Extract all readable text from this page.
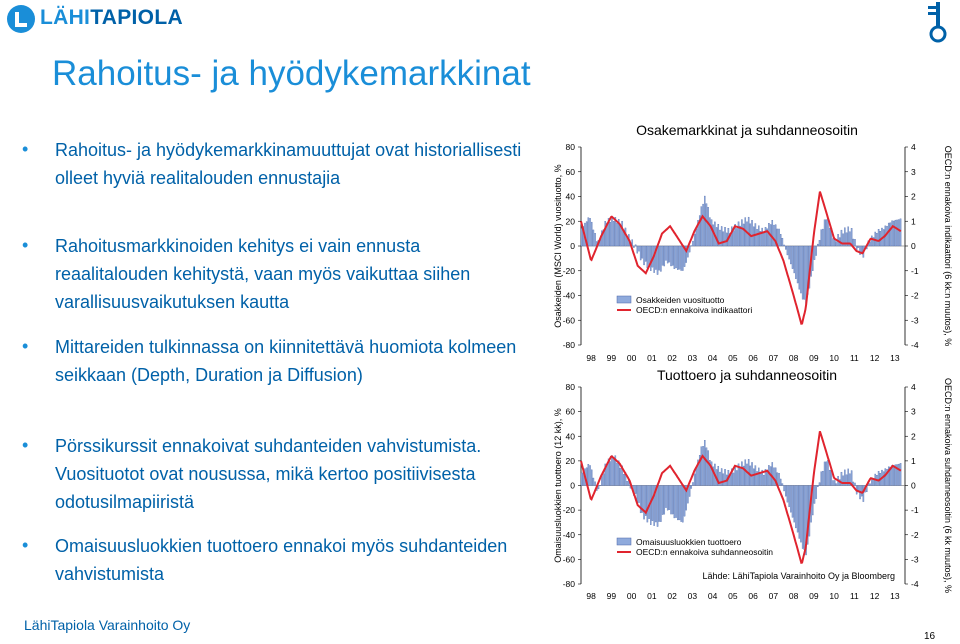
LÄHITAPIOLA
Rahoitus- ja hyödykemarkkinat
• Rahoitus- ja hyödykemarkkinamuuttujat ovat historiallisesti olleet hyviä realitalouden ennustajia
• Rahoitusmarkkinoiden kehitys ei vain ennusta reaalitalouden kehitystä, vaan myös vaikuttaa siihen varallisuusvaikutuksen kautta
• Mittareiden tulkinnassa on kiinnitettävä huomiota kolmeen seikkaan (Depth, Duration ja Diffusion)
• Pörssikurssit ennakoivat suhdanteiden vahvistumista. Vuosituotot ovat nousussa, mikä kertoo positiivisesta odotusilmapiiristä
• Omaisuusluokkien tuottoero ennakoi myös suhdanteiden vahvistumista
Osakemarkkinat ja suhdanneosoitin
80
60
40
20
0
-20
-40
-60
-80
4
3
2
1
0
-1
-2
-3
-4
98 99 00 01 02 03 04 05 06 07 08 09 10 11 12 13
Osakkeiden (MSCI World) vuosituotto, %	OECD:n ennakoiva indikaattori (6 kk:n muutos), %
Osakkeiden vuosituotto
OECD:n ennakoiva indikaattori
Tuottoero ja suhdanneosoitin
80
60
40
20
0
-20
-40
-60
-80
4
3
2
1
0
-1
-2
-3
-4
98 99 00 01 02 03 04 05 06 07 08 09 10 11 12 13
Omaisuusluokkien tuottoero (12 kk), %	OECD:n ennakoiva suhdanneosoitin (6 kk muutos), %
Omaisuusluokkien tuottoero
OECD:n ennakoiva suhdanneosoitin
Lähde: LähiTapiola Varainhoito Oy ja Bloomberg
LähiTapiola Varainhoito Oy
16
